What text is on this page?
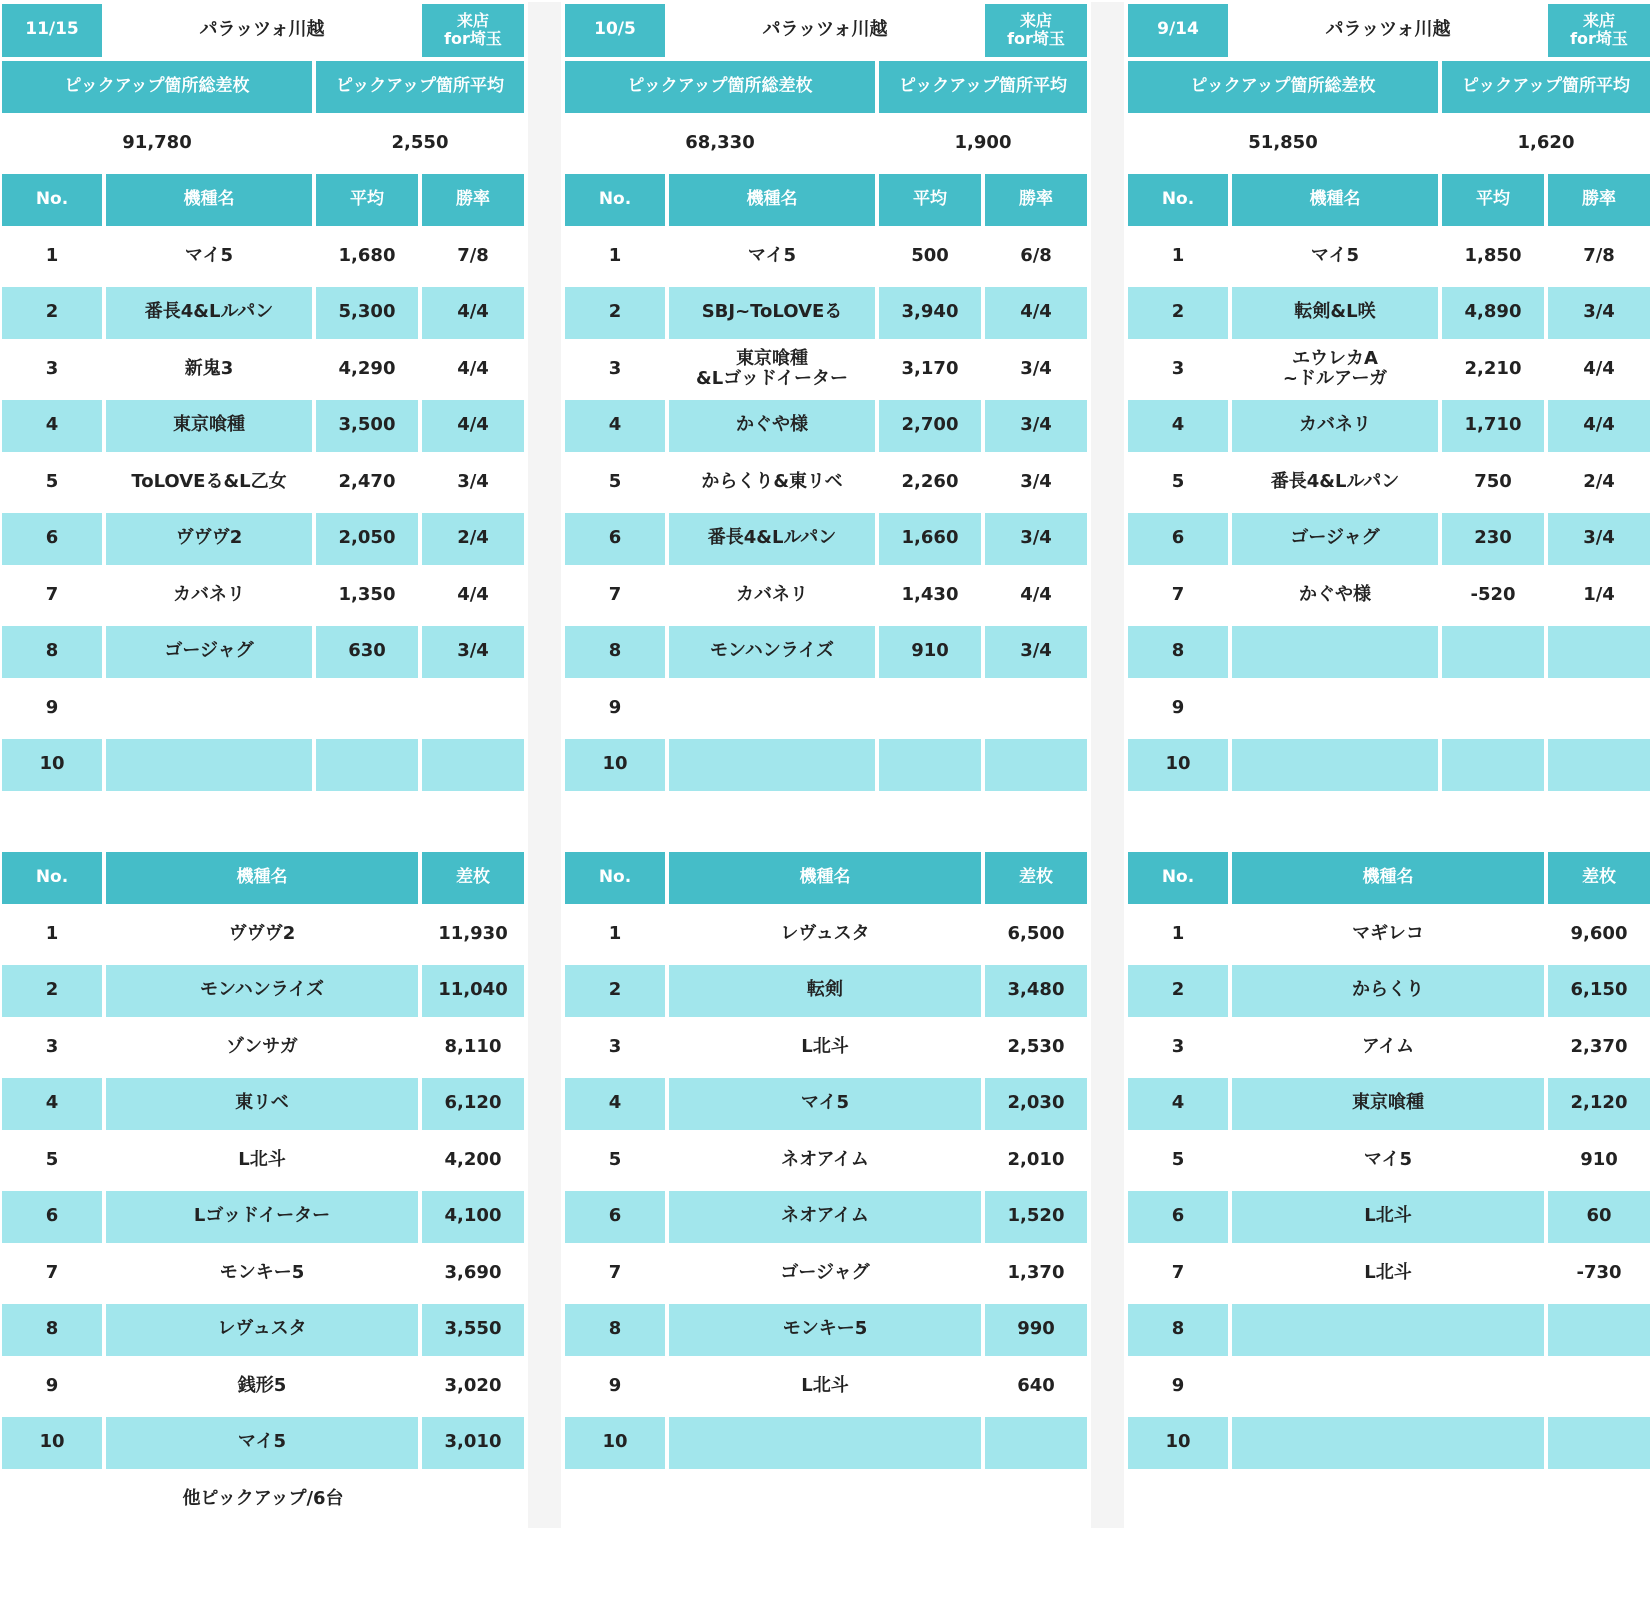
11/15	パラッツォ川越	来店
for埼玉
ピックアップ箇所総差枚	ピックアップ箇所平均
91,780	2,550
No.	機種名	平均	勝率
1	マイ5	1,680	7/8
2	番長4&Lルパン	5,300	4/4
3	新鬼3	4,290	4/4
4	東京喰種	3,500	4/4
5	ToLOVEる&L乙女	2,470	3/4
6	ヴヴヴ2	2,050	2/4
7	カバネリ	1,350	4/4
8	ゴージャグ	630	3/4
9
10
No.	機種名	差枚
1	ヴヴヴ2	11,930
2	モンハンライズ	11,040
3	ゾンサガ	8,110
4	東リベ	6,120
5	L北斗	4,200
6	Lゴッドイーター	4,100
7	モンキー5	3,690
8	レヴュスタ	3,550
9	銭形5	3,020
10	マイ5	3,010
他ピックアップ/6台
10/5	パラッツォ川越	来店
for埼玉
ピックアップ箇所総差枚	ピックアップ箇所平均
68,330	1,900
No.	機種名	平均	勝率
1	マイ5	500	6/8
2	SBJ~ToLOVEる	3,940	4/4
3	東京喰種
&Lゴッドイーター	3,170	3/4
4	かぐや様	2,700	3/4
5	からくり&東リベ	2,260	3/4
6	番長4&Lルパン	1,660	3/4
7	カバネリ	1,430	4/4
8	モンハンライズ	910	3/4
9
10
No.	機種名	差枚
1	レヴュスタ	6,500
2	転剣	3,480
3	L北斗	2,530
4	マイ5	2,030
5	ネオアイム	2,010
6	ネオアイム	1,520
7	ゴージャグ	1,370
8	モンキー5	990
9	L北斗	640
10
9/14	パラッツォ川越	来店
for埼玉
ピックアップ箇所総差枚	ピックアップ箇所平均
51,850	1,620
No.	機種名	平均	勝率
1	マイ5	1,850	7/8
2	転剣&L咲	4,890	3/4
3	エウレカA
~ドルアーガ	2,210	4/4
4	カバネリ	1,710	4/4
5	番長4&Lルパン	750	2/4
6	ゴージャグ	230	3/4
7	かぐや様	-520	1/4
8
9
10
No.	機種名	差枚
1	マギレコ	9,600
2	からくり	6,150
3	アイム	2,370
4	東京喰種	2,120
5	マイ5	910
6	L北斗	60
7	L北斗	-730
8
9
10
